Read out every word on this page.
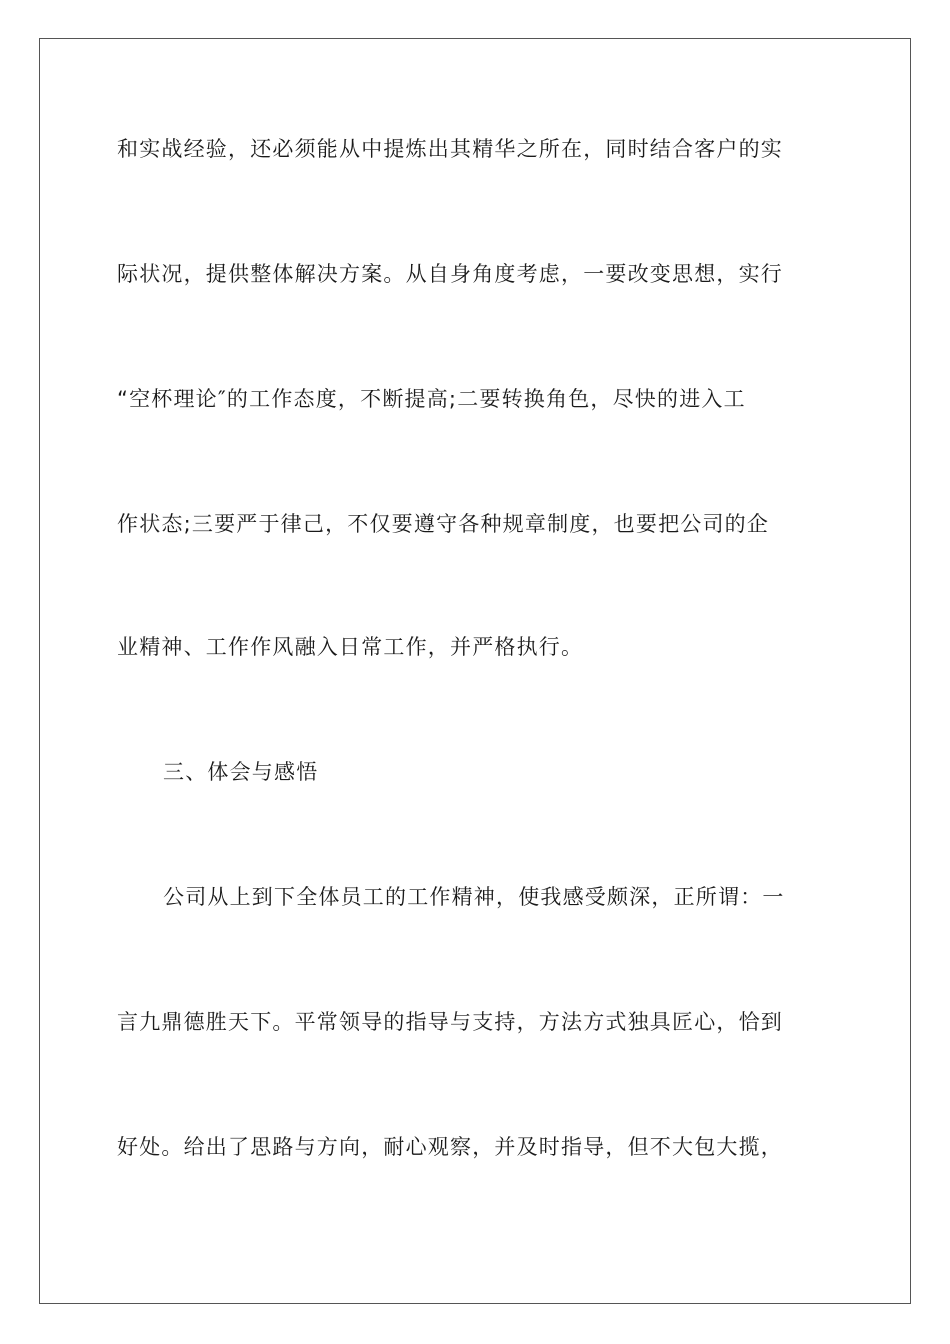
和实战经验，还必须能从中提炼出其精华之所在，同时结合客户的实
际状况，提供整体解决方案。从自身角度考虑，一要改变思想，实行
“空杯理论″的工作态度，不断提高;二要转换角色，尽快的进入工
作状态;三要严于律己，不仅要遵守各种规章制度，也要把公司的企
业精神、工作作风融入日常工作，并严格执行。
三、体会与感悟
公司从上到下全体员工的工作精神，使我感受颇深，正所谓：一
言九鼎德胜天下。平常领导的指导与支持，方法方式独具匠心，恰到
好处。给出了思路与方向，耐心观察，并及时指导，但不大包大揽，
